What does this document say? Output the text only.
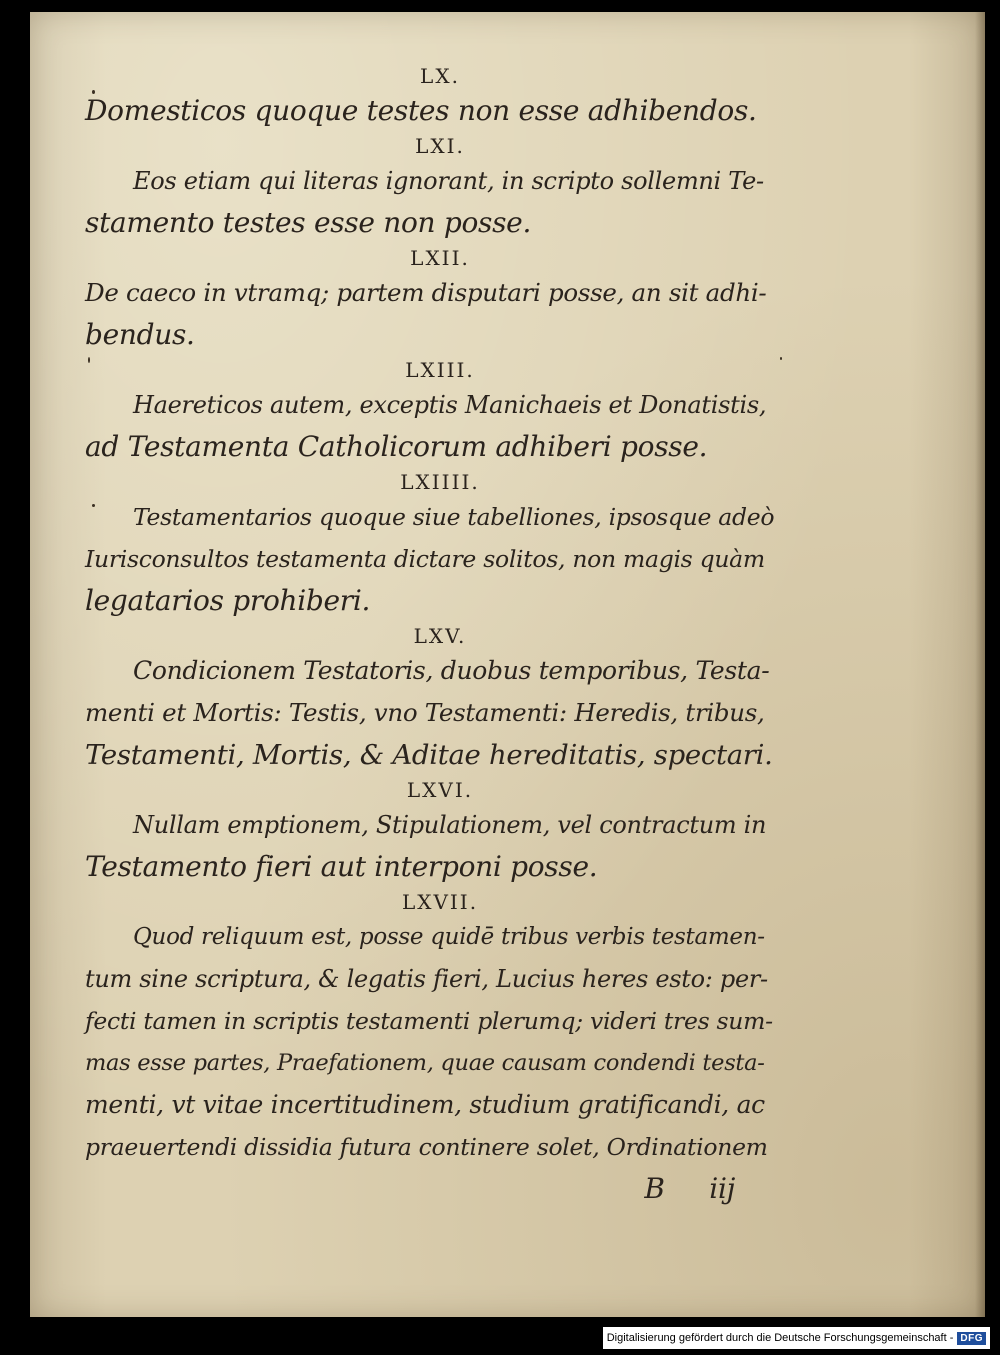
LX.
Domesticos quoque testes non esse adhibendos.
LXI.
Eos etiam qui literas ignorant, in scripto sollemni Te-
stamento testes esse non posse.
LXII.
De caeco in vtramq; partem disputari posse, an sit adhi-
bendus.
LXIII.
Haereticos autem, exceptis Manichaeis et Donatistis,
ad Testamenta Catholicorum adhiberi posse.
LXIIII.
Testamentarios quoque siue tabelliones, ipsosque adeò
Iurisconsultos testamenta dictare solitos, non magis quàm
legatarios prohiberi.
LXV.
Condicionem Testatoris, duobus temporibus, Testa-
menti et Mortis: Testis, vno Testamenti: Heredis, tribus,
Testamenti, Mortis, & Aditae hereditatis, spectari.
LXVI.
Nullam emptionem, Stipulationem, vel contractum in
Testamento fieri aut interponi posse.
LXVII.
Quod reliquum est, posse quidē tribus verbis testamen-
tum sine scriptura, & legatis fieri, Lucius heres esto: per-
fecti tamen in scriptis testamenti plerumq; videri tres sum-
mas esse partes, Praefationem, quae causam condendi testa-
menti, vt vitae incertitudinem, studium gratificandi, ac
praeuertendi dissidia futura continere solet, Ordinationem
B iij
Digitalisierung gefördert durch die Deutsche Forschungsgemeinschaft - DFG
